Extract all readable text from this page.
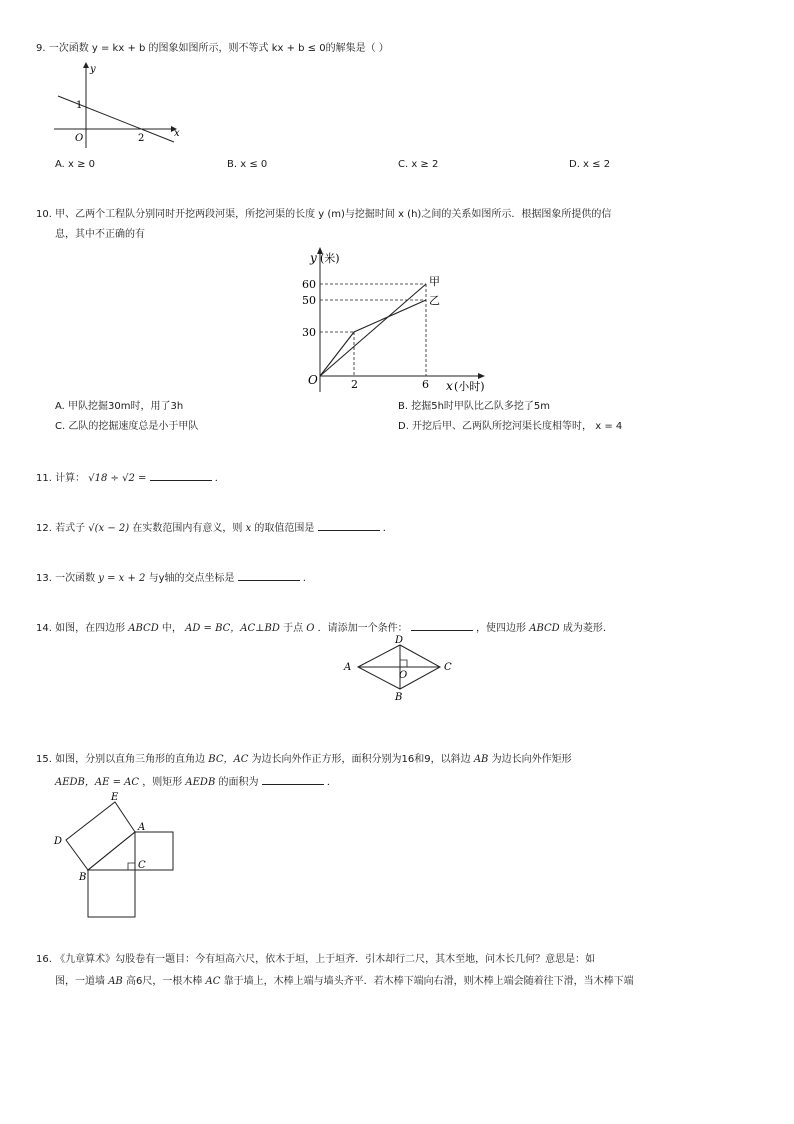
9. 一次函数 y = kx + b 的图象如图所示，则不等式 kx + b ≤ 0的解集是（ ）
y
x
O
1
2
A. x ≥ 0	B. x ≤ 0	C. x ≥ 2	D. x ≤ 2
10. 甲、乙两个工程队分别同时开挖两段河渠，所挖河渠的长度 y (m)与挖掘时间 x (h)之间的关系如图所示．根据图象所提供的信
息，其中不正确的有
y (米)
60
50
30
O	2	6 x (小时)
甲
乙
A. 甲队挖掘30m时，用了3h	B. 挖掘5h时甲队比乙队多挖了5m
C. 乙队的挖掘速度总是小于甲队	D. 开挖后甲、乙两队所挖河渠长度相等时， x = 4
11. 计算： √18 ÷ √2 =	．
12. 若式子 √(x − 2) 在实数范围内有意义，则 x 的取值范围是	．
13. 一次函数 y = x + 2 与y轴的交点坐标是	．
14. 如图，在四边形 ABCD 中， AD = BC，AC⊥BD 于点 O ．请添加一个条件：	，使四边形 ABCD 成为菱形．
D
A	C
B
O
15. 如图，分别以直角三角形的直角边 BC，AC 为边长向外作正方形，面积分别为16和9，以斜边 AB 为边长向外作矩形
AEDB，AE = AC ，则矩形 AEDB 的面积为	．
E
A
D
C
B
16. 《九章算术》勾股卷有一题目：今有垣高六尺，依木于垣，上于垣齐．引木却行二尺，其木至地，问木长几何？意思是：如
图，一道墙 AB 高6尺，一根木棒 AC 靠于墙上，木棒上端与墙头齐平．若木棒下端向右滑，则木棒上端会随着往下滑，当木棒下端
